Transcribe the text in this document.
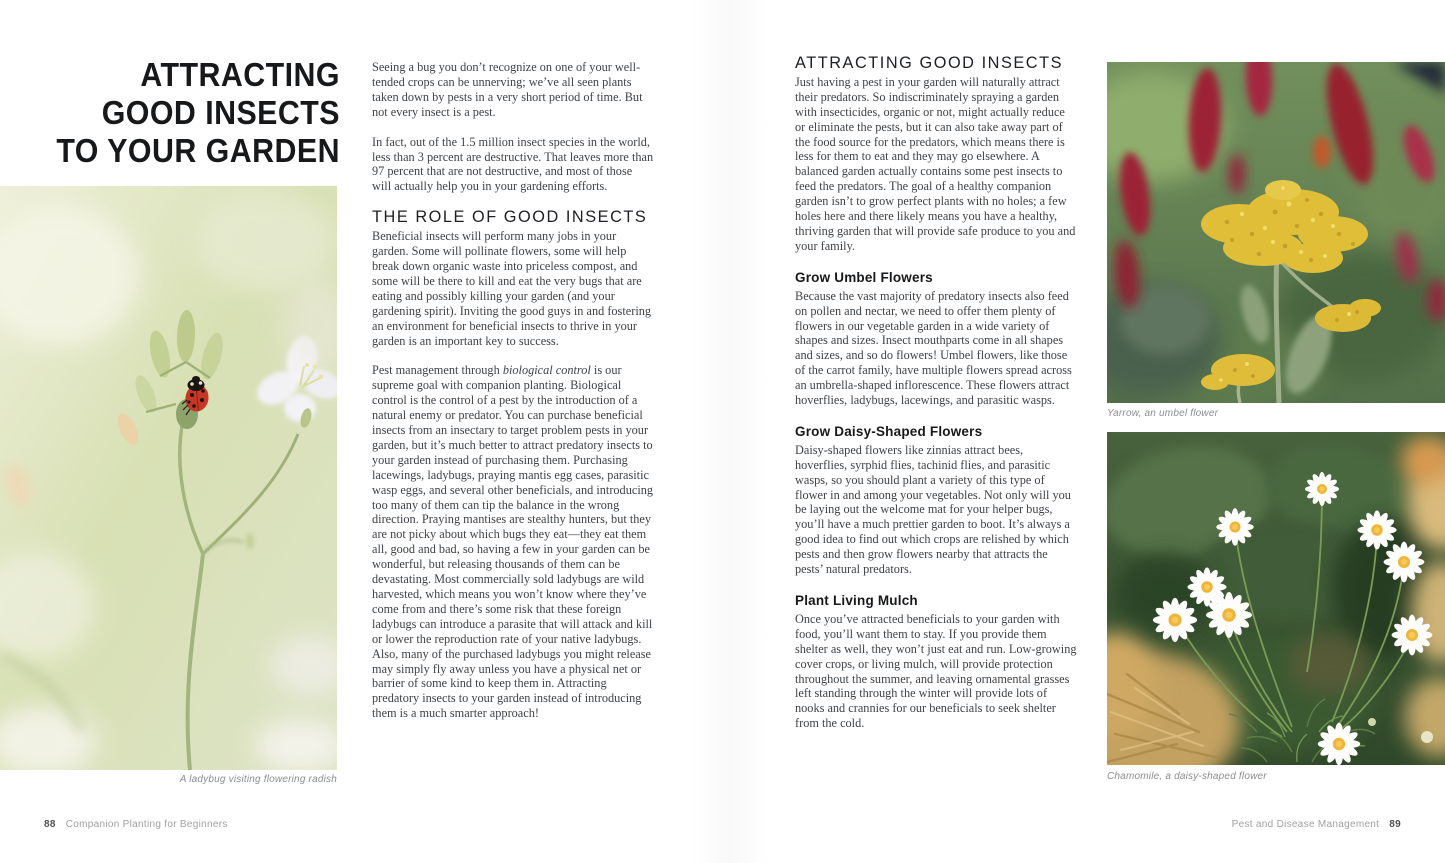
ATTRACTING
GOOD INSECTS
TO YOUR GARDEN
A ladybug visiting flowering radish

Seeing a bug you don’t recognize on one of your well-tended crops can be unnerving; we’ve all seen plants taken down by pests in a very short period of time. But not every insect is a pest.

In fact, out of the 1.5 million insect species in the world, less than 3 percent are destructive. That leaves more than 97 percent that are not destructive, and most of those will actually help you in your gardening efforts.

THE ROLE OF GOOD INSECTS

Beneficial insects will perform many jobs in your garden. Some will pollinate flowers, some will help break down organic waste into priceless compost, and some will be there to kill and eat the very bugs that are eating and possibly killing your garden (and your gardening spirit). Inviting the good guys in and fostering an environment for beneficial insects to thrive in your garden is an important key to success.

Pest management through biological control is our supreme goal with companion planting. Biological control is the control of a pest by the introduction of a natural enemy or predator. You can purchase beneficial insects from an insectary to target problem pests in your garden, but it’s much better to attract predatory insects to your garden instead of purchasing them. Purchasing lacewings, ladybugs, praying mantis egg cases, parasitic wasp eggs, and several other beneficials, and introducing too many of them can tip the balance in the wrong direction. Praying mantises are stealthy hunters, but they are not picky about which bugs they eat—they eat them all, good and bad, so having a few in your garden can be wonderful, but releasing thousands of them can be devastating. Most commercially sold ladybugs are wild harvested, which means you won’t know where they’ve come from and there’s some risk that these foreign ladybugs can introduce a parasite that will attack and kill or lower the reproduction rate of your native ladybugs. Also, many of the purchased ladybugs you might release may simply fly away unless you have a physical net or barrier of some kind to keep them in. Attracting predatory insects to your garden instead of introducing them is a much smarter approach!

88 Companion Planting for Beginners
ATTRACTING GOOD INSECTS

Just having a pest in your garden will naturally attract their predators. So indiscriminately spraying a garden with insecticides, organic or not, might actually reduce or eliminate the pests, but it can also take away part of the food source for the predators, which means there is less for them to eat and they may go elsewhere. A balanced garden actually contains some pest insects to feed the predators. The goal of a healthy companion garden isn’t to grow perfect plants with no holes; a few holes here and there likely means you have a healthy, thriving garden that will provide safe produce to you and your family.

Grow Umbel Flowers

Because the vast majority of predatory insects also feed on pollen and nectar, we need to offer them plenty of flowers in our vegetable garden in a wide variety of shapes and sizes. Insect mouthparts come in all shapes and sizes, and so do flowers! Umbel flowers, like those of the carrot family, have multiple flowers spread across an umbrella-shaped inflorescence. These flowers attract hoverflies, ladybugs, lacewings, and parasitic wasps.

Grow Daisy-Shaped Flowers

Daisy-shaped flowers like zinnias attract bees, hoverflies, syrphid flies, tachinid flies, and parasitic wasps, so you should plant a variety of this type of flower in and among your vegetables. Not only will you be laying out the welcome mat for your helper bugs, you’ll have a much prettier garden to boot. It’s always a good idea to find out which crops are relished by which pests and then grow flowers nearby that attracts the pests’ natural predators.

Plant Living Mulch

Once you’ve attracted beneficials to your garden with food, you’ll want them to stay. If you provide them shelter as well, they won’t just eat and run. Low-growing cover crops, or living mulch, will provide protection throughout the summer, and leaving ornamental grasses left standing through the winter will provide lots of nooks and crannies for our beneficials to seek shelter from the cold.

Yarrow, an umbel flower
Chamomile, a daisy-shaped flower
Pest and Disease Management 89
